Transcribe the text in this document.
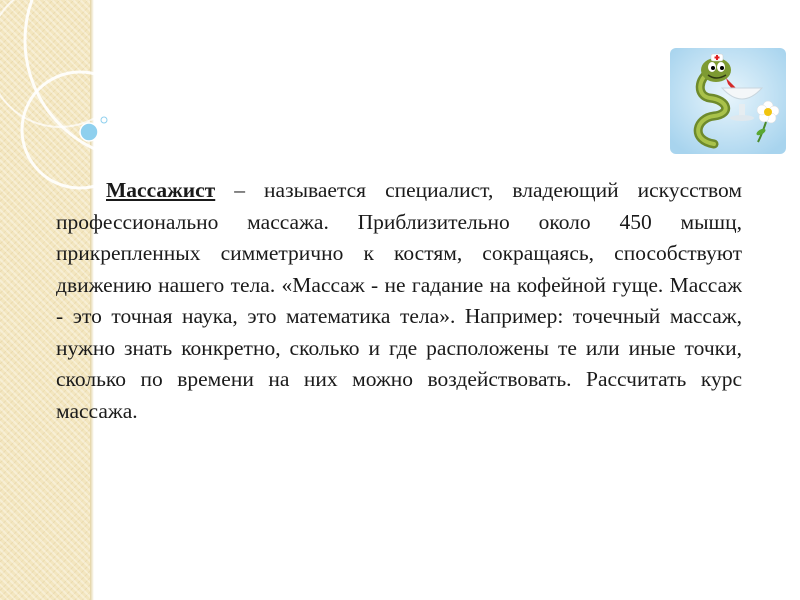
Массажист – называется специалист, владеющий искусством профессионально массажа. Приблизительно около 450 мышц, прикрепленных симметрично к костям, сокращаясь, способствуют движению нашего тела. «Массаж - не гадание на кофейной гуще. Массаж - это точная наука, это математика тела». Например: точечный массаж, нужно знать конкретно, сколько и где расположены те или иные точки, сколько по времени на них можно воздействовать. Рассчитать курс массажа.
